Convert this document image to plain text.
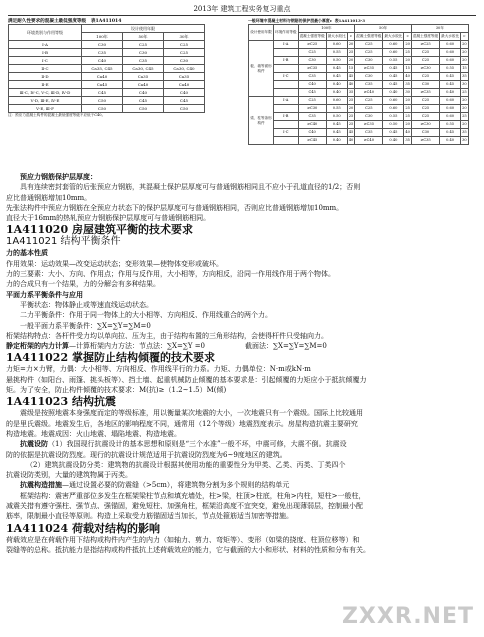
2013年 建筑工程实务复习重点
满足耐久性要求的混凝土最低强度等级 表1A411014
环境类别与作用等级	设计使用年限		
	100年	50年	30年
Ⅰ-A	C30	C25	C25
Ⅰ-B	C35	C30	C25
Ⅰ-C	C40	C35	C30
Ⅱ-C	Ca35, C45	Ca30, C45	Ca30, C40
Ⅱ-D	Ca40	Ca35	Ca35
Ⅱ-E	Ca45	Ca40	Ca40
Ⅲ-C, Ⅳ-C, Ⅴ-C, Ⅲ-D, Ⅳ-D	C45	C40	C40
Ⅴ-D, Ⅲ-E, Ⅳ-E	C50	C45	C45
Ⅴ-E, Ⅲ-F	C50	C50	C50
注：预应力混凝土构件的混凝土最低强度等级不应低于C40。
一般环境中混凝土材料与钢筋的保护层最小厚度c 表1A411013-3
设计使用年限	环境作用等级	100年			50年			30年		
		混凝土强度等级	最大水胶比	c	混凝土强度等级	最大水胶比	c	混凝土强度等级	最大水胶比	c
板、墙等面形构件	Ⅰ-A	≥C25	0.60	20	C25	0.60	20	≥C25	0.60	20
		C25	0.55	25	C25	0.60	25	C25	0.60	20
	Ⅰ-B	C30	0.50	20	C30	0.55	20	C25	0.60	20
		≥C35	0.45	15	≥C35	0.45	15	≥C30	0.55	15
	Ⅰ-C	C35	0.45	45	C30	0.45	40	C25	0.45	35
		C40	0.40	40	C35	0.45	35	C30	0.45	30
		C45	0.40	35	≥C40	0.40	30	≥C35	0.40	25
梁、柱等条形构件	Ⅰ-A	C25	0.60	25	C25	0.60	20	C25	0.60	20
		≥C30	0.55	20	C25	0.60	25	C25	0.60	20
	Ⅰ-B	C35	0.50	25	C30	0.55	25	C25	0.60	25
		≥C40	0.45	25	≥C35	0.50	20	≥C30	0.55	20
	Ⅰ-C	C40	0.45	45	C35	0.45	40	C30	0.45	35
		≥C45	0.40	40	≥C40	0.40	35	≥C35	0.40	30

预应力钢筋保护层厚度：

具有连续密封套管的后张预应力钢筋，其混凝土保护层厚度可与普通钢筋相同且不应小于孔道直径的1/2；否则

应比普通钢筋增加10mm。

先张法构件中预应力钢筋在全预应力状态下的保护层厚度可与普通钢筋相同，否则应比普通钢筋增加10mm。

直径大于16mm的热轧预应力钢筋保护层厚度可与普通钢筋相同。

1A411020 房屋建筑平衡的技术要求
1A411021 结构平衡条件

力的基本性质

作用效果：运动效果—改变运动状态；变形效果—使物体变形或破坏。

力的三要素：大小、方向、作用点；作用与反作用，大小相等，方向相反，沿同一作用线作用于两个物体。

力的合成只有一个结果，力的分解会有多种结果。

平面力系平衡条件与应用

平衡状态：物体静止或等速直线运动状态。

二力平衡条件：作用于同一物体上的大小相等、方向相反、作用线重合的两个力。

一般平面力系平衡条件：∑X=∑Y=∑M=0

桁架结构特点：各杆件受力均以单向拉、压为主，由于结构布置的三角形结构，会使得杆件只受轴向力。

静定桁架的内力计算—计算桁架内力方法：节点法：∑X=∑Y =0	截面法：∑X=∑Y=∑M=0

1A411022 掌握防止结构倾覆的技术要求

力矩=力×力臂，力偶：大小相等、方向相反、作用线平行的力系。力矩、力偶单位：N·m或kN·m

悬挑构件（如阳台、雨篷、挑头板等）、挡土墙、起重机械防止倾覆的基本要求是：引起倾覆的力矩应小于抵抗倾覆力

矩。为了安全，防止构件倾覆的技术要求：M(抗)≥（1.2~1.5）M(倾)

1A411023 结构抗震

震级是按照地震本身强度而定的等级标准，用以衡量某次地震的大小，一次地震只有一个震级。国际上比较通用

的是里氏震级。地震发生后，各地区的影响程度不同，通常用（12个等级）地震烈度表示。房屋构造抗震主要研究

构造地震。地震成因：火山地震、塌陷地震、构造地震。

抗震设防（1）我国现行抗震设计的基本思想和原则是“三个水准”一般不坏，中震可修，大震不倒。抗震设

防的依据是抗震设防烈度。现行的抗震设计规范适用于抗震设防烈度为6~9度地区的建筑。

（2）建筑抗震设防分类：建筑物的抗震设计根据其使用功能的重要性分为甲类、乙类、丙类、丁类四个

抗震设防类别，大量的建筑物属于丙类。

抗震构造措施—通过设置必要的防震缝（>5cm），将建筑物分割为多个规则的结构单元

框架结构：震害严重部位多发生在框架梁柱节点和填充墙处，柱>梁，柱顶>柱底，柱角>内柱，短柱>一般柱，

减震关措有遵守强柱、强节点、强锚固，避免短柱、加强角柱，框架沿高度不宜突变，避免出现薄弱层，控制最小配

筋率，限制最小直径等原则。构造上采取受力筋锚固适当加长，节点处箍筋适当加密等措施。

1A411024 荷载对结构的影响

荷载效应是在荷载作用下结构或构件内产生的内力（如轴力、剪力、弯矩等）、变形（如梁的挠度、柱顶位移等）和

裂缝等的总称。抵抗能力是指结构或构件抵抗上述荷载效应的能力，它与截面的大小和形状、材料的性质和分布有关。

ZXXR.NET
